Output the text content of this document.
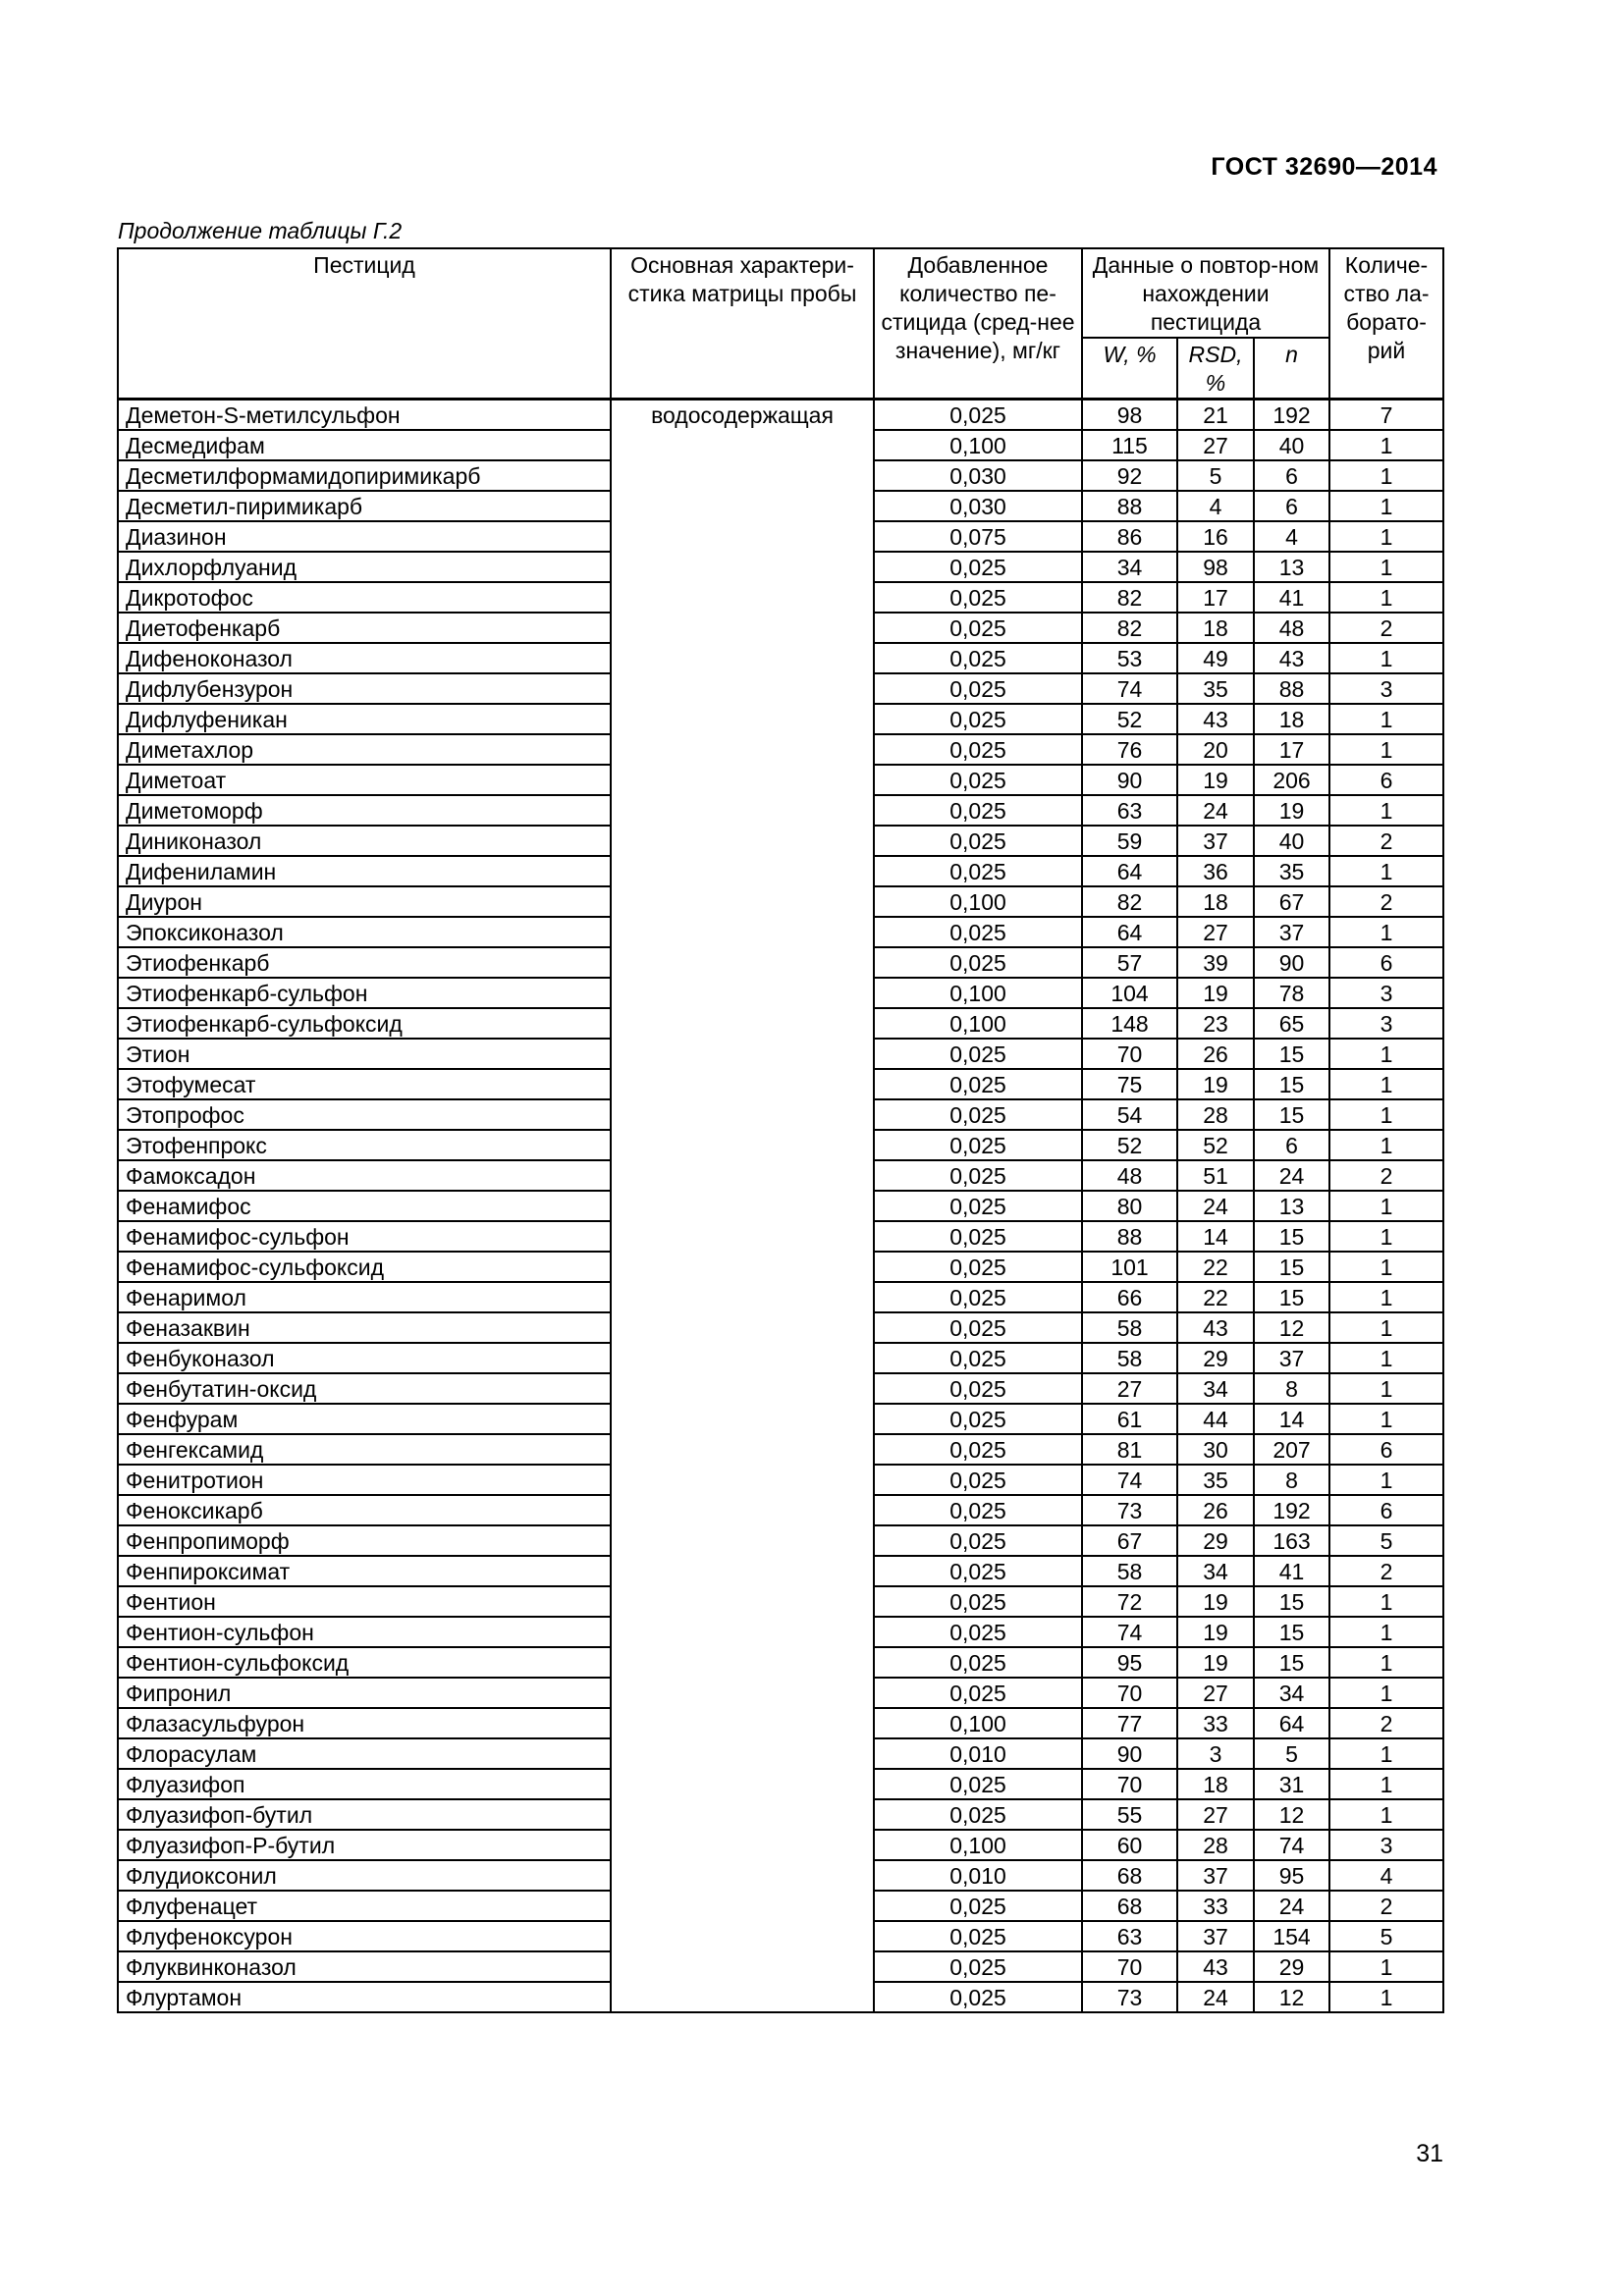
ГОСТ 32690—2014
Продолжение таблицы Г.2
Пестицид	Основная характери-стика матрицы пробы	Добавленное количество пе-стицида (сред-нее значение), мг/кг	Данные о повтор-ном нахождении пестицида			Количе-ство ла-борато-рий
			W, %	RSD, %	n	
Деметон-S-метилсульфон	водосодержащая	0,025	98	21	192	7
Десмедифам		0,100	115	27	40	1
Десметилформамидопиримикарб		0,030	92	5	6	1
Десметил-пиримикарб		0,030	88	4	6	1
Диазинон		0,075	86	16	4	1
Дихлорфлуанид		0,025	34	98	13	1
Дикротофос		0,025	82	17	41	1
Диетофенкарб		0,025	82	18	48	2
Дифеноконазол		0,025	53	49	43	1
Дифлубензурон		0,025	74	35	88	3
Дифлуфеникан		0,025	52	43	18	1
Диметахлор		0,025	76	20	17	1
Диметоат		0,025	90	19	206	6
Диметоморф		0,025	63	24	19	1
Диниконазол		0,025	59	37	40	2
Дифениламин		0,025	64	36	35	1
Диурон		0,100	82	18	67	2
Эпоксиконазол		0,025	64	27	37	1
Этиофенкарб		0,025	57	39	90	6
Этиофенкарб-сульфон		0,100	104	19	78	3
Этиофенкарб-сульфоксид		0,100	148	23	65	3
Этион		0,025	70	26	15	1
Этофумесат		0,025	75	19	15	1
Этопрофос		0,025	54	28	15	1
Этофенпрокс		0,025	52	52	6	1
Фамоксадон		0,025	48	51	24	2
Фенамифос		0,025	80	24	13	1
Фенамифос-сульфон		0,025	88	14	15	1
Фенамифос-сульфоксид		0,025	101	22	15	1
Фенаримол		0,025	66	22	15	1
Феназаквин		0,025	58	43	12	1
Фенбуконазол		0,025	58	29	37	1
Фенбутатин-оксид		0,025	27	34	8	1
Фенфурам		0,025	61	44	14	1
Фенгексамид		0,025	81	30	207	6
Фенитротион		0,025	74	35	8	1
Феноксикарб		0,025	73	26	192	6
Фенпропиморф		0,025	67	29	163	5
Фенпироксимат		0,025	58	34	41	2
Фентион		0,025	72	19	15	1
Фентион-сульфон		0,025	74	19	15	1
Фентион-сульфоксид		0,025	95	19	15	1
Фипронил		0,025	70	27	34	1
Флазасульфурон		0,100	77	33	64	2
Флорасулам		0,010	90	3	5	1
Флуазифоп		0,025	70	18	31	1
Флуазифоп-бутил		0,025	55	27	12	1
Флуазифоп-Р-бутил		0,100	60	28	74	3
Флудиоксонил		0,010	68	37	95	4
Флуфенацет		0,025	68	33	24	2
Флуфеноксурон		0,025	63	37	154	5
Флуквинконазол		0,025	70	43	29	1
Флуртамон		0,025	73	24	12	1
31
